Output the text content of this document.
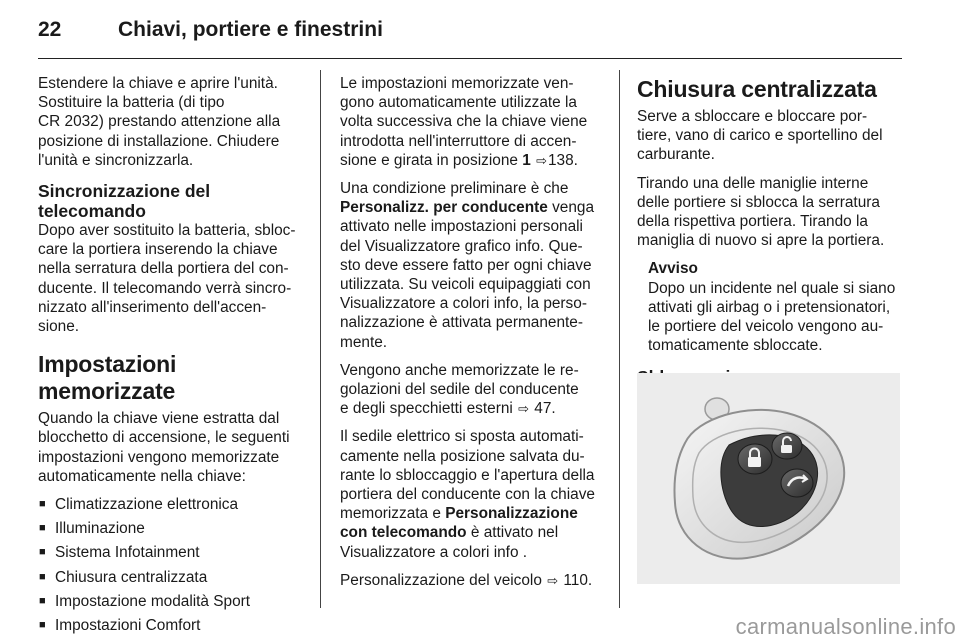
22	Chiavi, portiere e finestrini

Estendere la chiave e aprire l'unità.
Sostituire la batteria (di tipo
CR 2032) prestando attenzione alla
posizione di installazione. Chiudere
l'unità e sincronizzarla.

Sincronizzazione del
telecomando

Dopo aver sostituito la batteria, sbloc-
care la portiera inserendo la chiave
nella serratura della portiera del con-
ducente. Il telecomando verrà sincro-
nizzato all'inserimento dell'accen-
sione.

Impostazioni memorizzate

Quando la chiave viene estratta dal
blocchetto di accensione, le seguenti
impostazioni vengono memorizzate
automaticamente nella chiave:

■ Climatizzazione elettronica
■ Illuminazione
■ Sistema Infotainment
■ Chiusura centralizzata
■ Impostazione modalità Sport
■ Impostazioni Comfort

Le impostazioni memorizzate ven-
gono automaticamente utilizzate la
volta successiva che la chiave viene
introdotta nell'interruttore di accen-
sione e girata in posizione 1 ⇨138.

Una condizione preliminare è che
Personalizz. per conducente venga
attivato nelle impostazioni personali
del Visualizzatore grafico info. Que-
sto deve essere fatto per ogni chiave
utilizzata. Su veicoli equipaggiati con
Visualizzatore a colori info, la perso-
nalizzazione è attivata permanente-
mente.

Vengono anche memorizzate le re-
golazioni del sedile del conducente
e degli specchietti esterni ⇨ 47.

Il sedile elettrico si sposta automati-
camente nella posizione salvata du-
rante lo sbloccaggio e l'apertura della
portiera del conducente con la chiave
memorizzata e Personalizzazione
con telecomando è attivato nel
Visualizzatore a colori info .

Personalizzazione del veicolo ⇨ 110.

Chiusura centralizzata

Serve a sbloccare e bloccare por-
tiere, vano di carico e sportellino del
carburante.

Tirando una delle maniglie interne
delle portiere si sblocca la serratura
della rispettiva portiera. Tirando la
maniglia di nuovo si apre la portiera.

Avviso
Dopo un incidente nel quale si siano
attivati gli airbag o i pretensionatori,
le portiere del veicolo vengono au-
tomaticamente sbloccate.
carmanualsonline.info
